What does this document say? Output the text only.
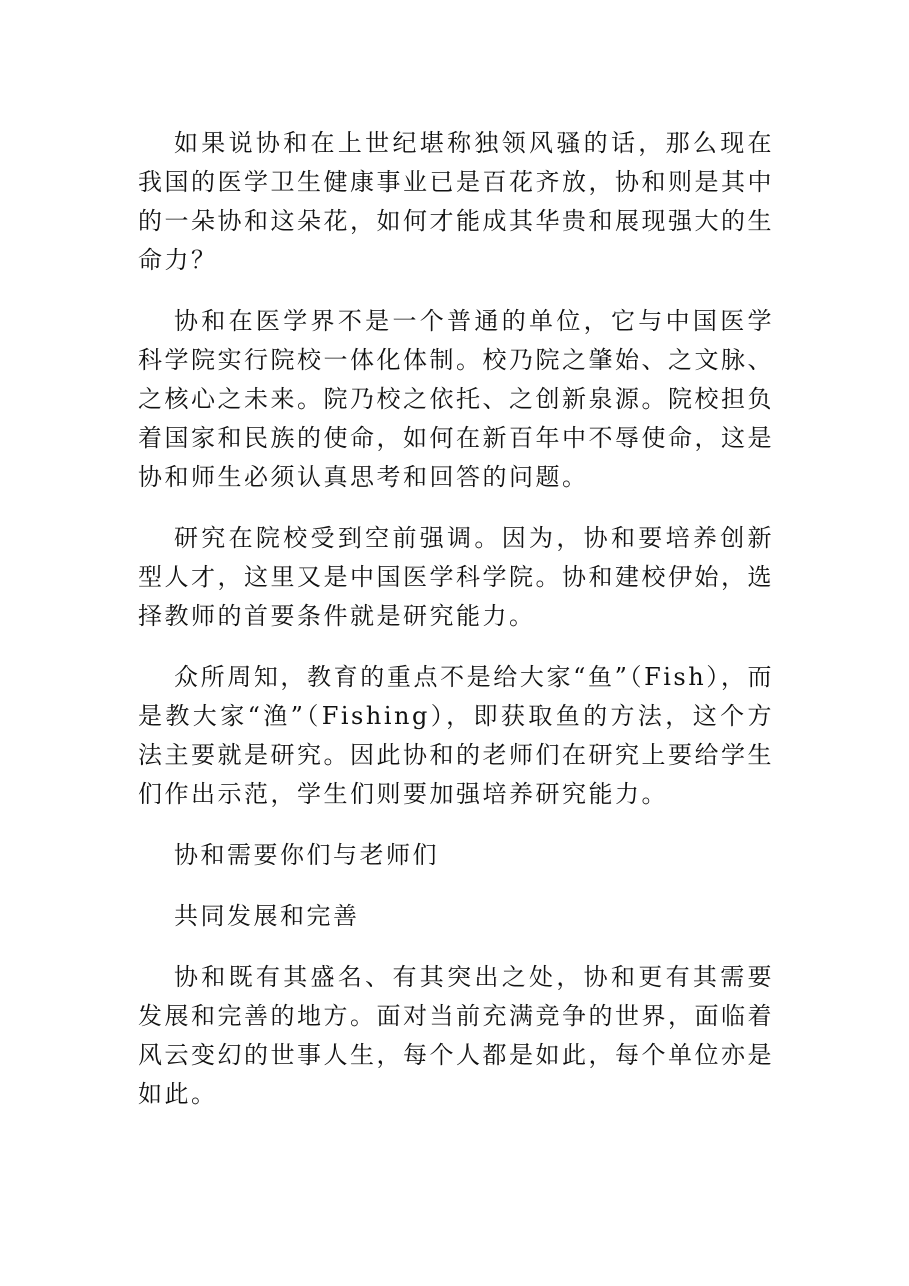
如果说协和在上世纪堪称独领风骚的话，那么现在我国的医学卫生健康事业已是百花齐放，协和则是其中的一朵协和这朵花，如何才能成其华贵和展现强大的生命力？

协和在医学界不是一个普通的单位，它与中国医学科学院实行院校一体化体制。校乃院之肇始、之文脉、之核心之未来。院乃校之依托、之创新泉源。院校担负着国家和民族的使命，如何在新百年中不辱使命，这是协和师生必须认真思考和回答的问题。

研究在院校受到空前强调。因为，协和要培养创新型人才，这里又是中国医学科学院。协和建校伊始，选择教师的首要条件就是研究能力。

众所周知，教育的重点不是给大家“鱼”（Fish），而是教大家“渔”（Fishing），即获取鱼的方法，这个方法主要就是研究。因此协和的老师们在研究上要给学生们作出示范，学生们则要加强培养研究能力。

协和需要你们与老师们

共同发展和完善

协和既有其盛名、有其突出之处，协和更有其需要发展和完善的地方。面对当前充满竞争的世界，面临着风云变幻的世事人生，每个人都是如此，每个单位亦是如此。
